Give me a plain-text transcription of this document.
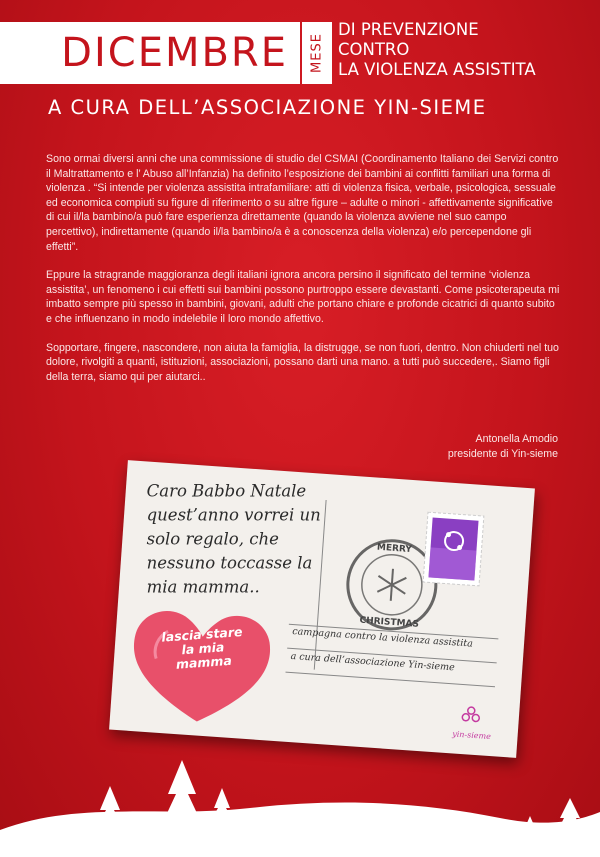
DICEMBRE MESE
DI PREVENZIONE
CONTRO
LA VIOLENZA ASSISTITA
A CURA DELL’ASSOCIAZIONE YIN-SIEME

Sono ormai diversi anni che una commissione di studio del CSMAI (Coordinamento Italiano dei Servizi contro il Maltrattamento e l’ Abuso all’Infanzia) ha definito l’esposizione dei bambini ai conflitti familiari una forma di violenza . “Si intende per violenza assistita intrafamiliare: atti di violenza fisica, verbale, psicologica, sessuale ed economica compiuti su figure di riferimento o su altre figure – adulte o minori - affettivamente significative di cui il/la bambino/a può fare esperienza direttamente (quando la violenza avviene nel suo campo percettivo), indirettamente (quando il/la bambino/a è a conoscenza della violenza) e/o percependone gli effetti”.

Eppure la stragrande maggioranza degli italiani ignora ancora persino il significato del termine ‘violenza assistita’, un fenomeno i cui effetti sui bambini possono purtroppo essere devastanti. Come psicoterapeuta mi imbatto sempre più spesso in bambini, giovani, adulti che portano chiare e profonde cicatrici di quanto subito e che influenzano in modo indelebile il loro mondo affettivo.

Sopportare, fingere, nascondere, non aiuta la famiglia, la distrugge, se non fuori, dentro. Non chiuderti nel tuo dolore, rivolgiti a quanti, istituzioni, associazioni, possano darti una mano. a tutti può succedere,. Siamo figli della terra, siamo qui per aiutarci..

Antonella Amodio
presidente di Yin-sieme
Caro Babbo Natale
quest’anno vorrei un
solo regalo, che
nessuno toccasse la
mia mamma..
lascia stare
la mia
mamma
MERRY
CHRISTMAS
campagna contro la violenza assistita
a cura dell’associazione Yin-sieme
yin-sieme
